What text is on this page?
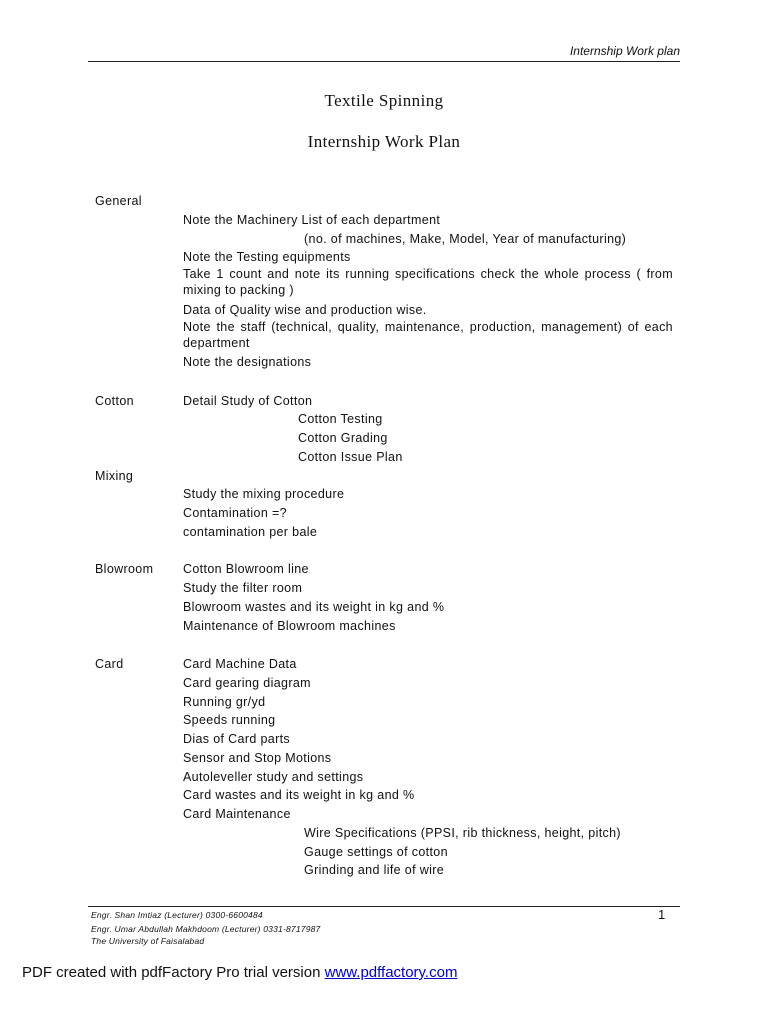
Internship Work plan
Textile Spinning
Internship Work Plan
General
Note the Machinery List of each department
(no. of machines, Make, Model, Year of manufacturing)
Note the Testing equipments
Take 1 count and note its running specifications check the whole process ( from mixing to packing )
Data of Quality wise and production wise.
Note the staff (technical, quality, maintenance, production, management) of each department
Note the designations
Cotton	Detail Study of Cotton
Cotton Testing
Cotton Grading
Cotton Issue Plan
Mixing
Study the mixing procedure
Contamination =?
contamination per bale
Blowroom Cotton Blowroom line
Study the filter room
Blowroom wastes and its weight in kg and %
Maintenance of Blowroom machines
Card	Card Machine Data
Card gearing diagram
Running gr/yd
Speeds running
Dias of Card parts
Sensor and Stop Motions
Autoleveller study and settings
Card wastes and its weight in kg and %
Card Maintenance
Wire Specifications (PPSI, rib thickness, height, pitch)
Gauge settings of cotton
Grinding and life of wire
Engr. Shan Imtiaz (Lecturer) 0300-6600484
Engr. Umar Abdullah Makhdoom (Lecturer) 0331-8717987
The University of Faisalabad
1
PDF created with pdfFactory Pro trial version www.pdffactory.com
